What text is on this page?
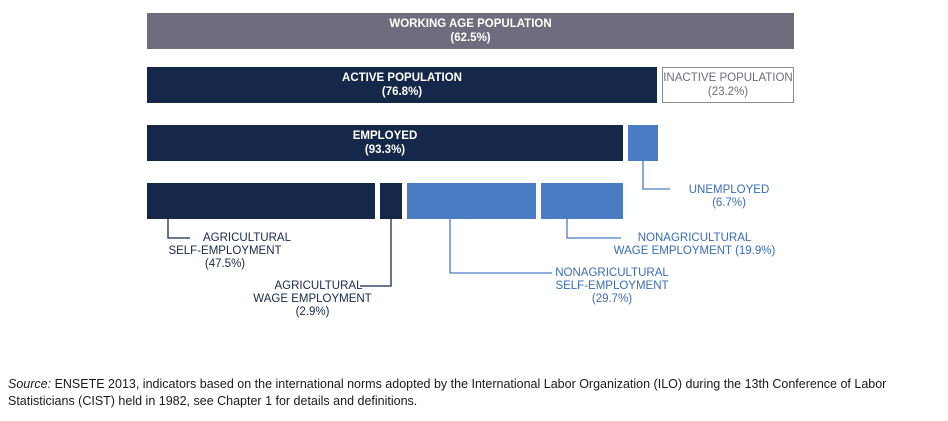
WORKING AGE POPULATION
(62.5%)
ACTIVE POPULATION
(76.8%)
INACTIVE POPULATION
(23.2%)
EMPLOYED
(93.3%)
UNEMPLOYED
(6.7%)
AGRICULTURAL
SELF-EMPLOYMENT
(47.5%)
AGRICULTURAL
WAGE EMPLOYMENT
(2.9%)
NONAGRICULTURAL
SELF-EMPLOYMENT
(29.7%)
NONAGRICULTURAL
WAGE EMPLOYMENT (19.9%)
Source: ENSETE 2013, indicators based on the international norms adopted by the International Labor Organization (ILO) during the 13th Conference of Labor Statisticians (CIST) held in 1982, see Chapter 1 for details and definitions.
